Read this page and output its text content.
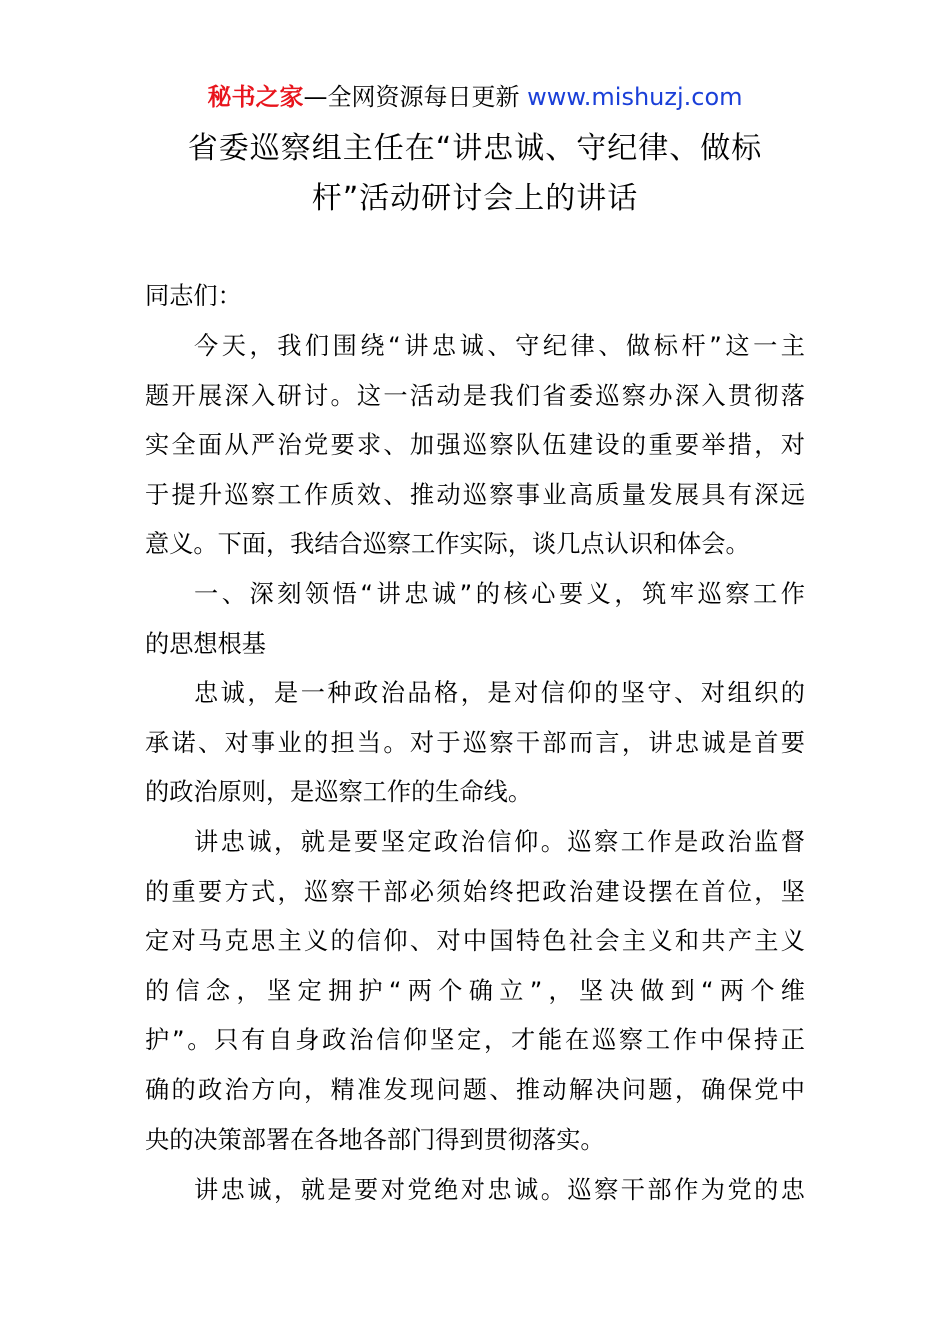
秘书之家—全网资源每日更新 www.mishuzj.com
省委巡察组主任在“讲忠诚、守纪律、做标
杆”活动研讨会上的讲话
同志们：
今天，我们围绕“讲忠诚、守纪律、做标杆”这一主
题开展深入研讨。这一活动是我们省委巡察办深入贯彻落
实全面从严治党要求、加强巡察队伍建设的重要举措，对
于提升巡察工作质效、推动巡察事业高质量发展具有深远
意义。下面，我结合巡察工作实际，谈几点认识和体会。
一、深刻领悟“讲忠诚”的核心要义，筑牢巡察工作
的思想根基
忠诚，是一种政治品格，是对信仰的坚守、对组织的
承诺、对事业的担当。对于巡察干部而言，讲忠诚是首要
的政治原则，是巡察工作的生命线。
讲忠诚，就是要坚定政治信仰。巡察工作是政治监督
的重要方式，巡察干部必须始终把政治建设摆在首位，坚
定对马克思主义的信仰、对中国特色社会主义和共产主义
的信念，坚定拥护“两个确立”，坚决做到“两个维
护”。只有自身政治信仰坚定，才能在巡察工作中保持正
确的政治方向，精准发现问题、推动解决问题，确保党中
央的决策部署在各地各部门得到贯彻落实。
讲忠诚，就是要对党绝对忠诚。巡察干部作为党的忠
